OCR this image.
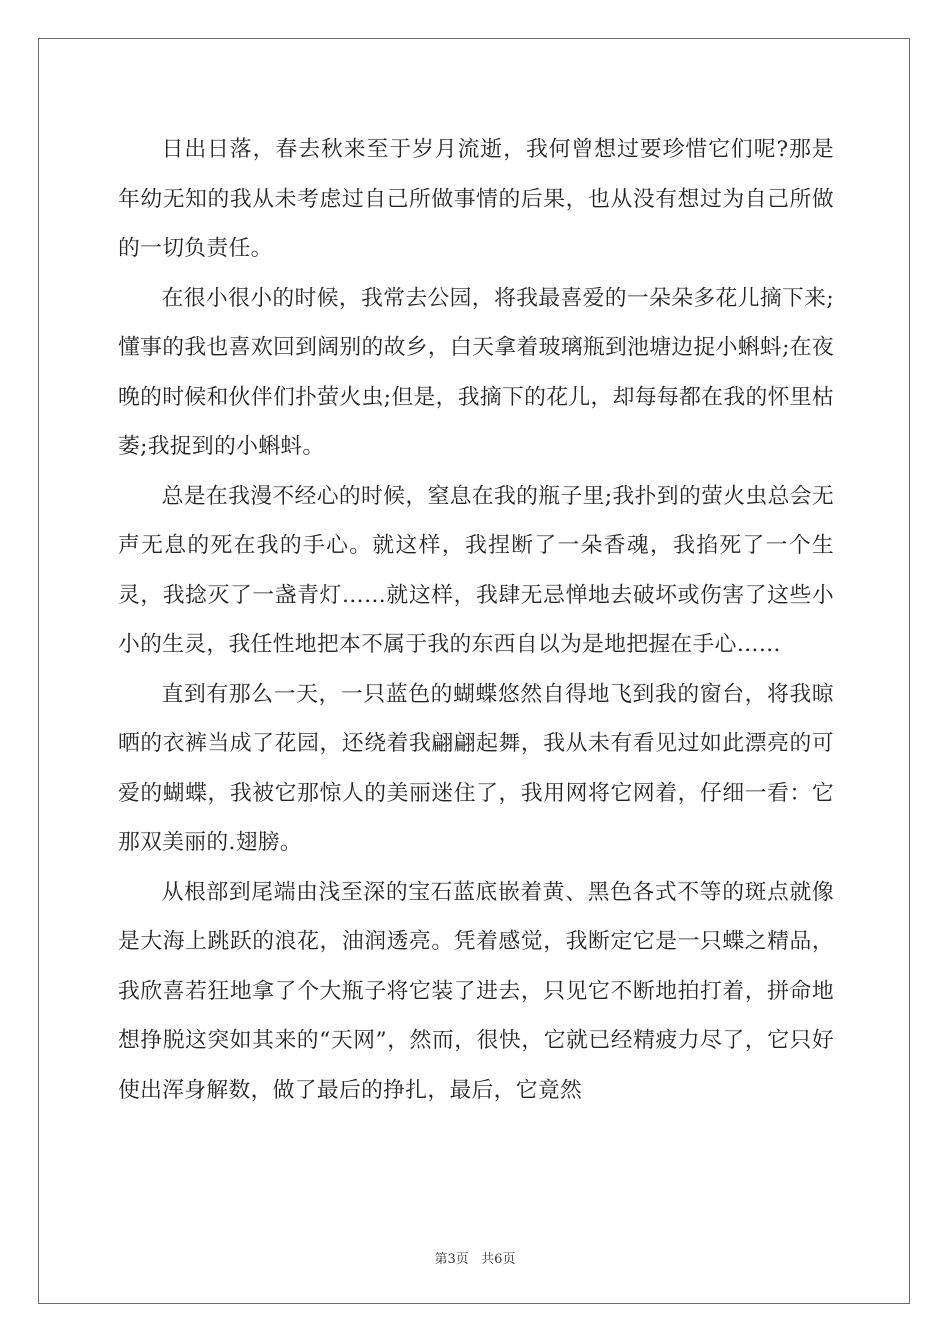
日出日落，春去秋来至于岁月流逝，我何曾想过要珍惜它们呢?那是年幼无知的我从未考虑过自己所做事情的后果，也从没有想过为自己所做的一切负责任。

在很小很小的时候，我常去公园，将我最喜爱的一朵朵多花儿摘下来;懂事的我也喜欢回到阔别的故乡，白天拿着玻璃瓶到池塘边捉小蝌蚪;在夜晚的时候和伙伴们扑萤火虫;但是，我摘下的花儿，却每每都在我的怀里枯萎;我捉到的小蝌蚪。

总是在我漫不经心的时候，窒息在我的瓶子里;我扑到的萤火虫总会无声无息的死在我的手心。就这样，我捏断了一朵香魂，我掐死了一个生灵，我捻灭了一盏青灯……就这样，我肆无忌惮地去破坏或伤害了这些小小的生灵，我任性地把本不属于我的东西自以为是地把握在手心……

直到有那么一天，一只蓝色的蝴蝶悠然自得地飞到我的窗台，将我晾晒的衣裤当成了花园，还绕着我翩翩起舞，我从未有看见过如此漂亮的可爱的蝴蝶，我被它那惊人的美丽迷住了，我用网将它网着，仔细一看：它那双美丽的.翅膀。

从根部到尾端由浅至深的宝石蓝底嵌着黄、黑色各式不等的斑点就像是大海上跳跃的浪花，油润透亮。凭着感觉，我断定它是一只蝶之精品，我欣喜若狂地拿了个大瓶子将它装了进去，只见它不断地拍打着，拼命地想挣脱这突如其来的“天网”，然而，很快，它就已经精疲力尽了，它只好使出浑身解数，做了最后的挣扎，最后，它竟然

第3页   共6页
